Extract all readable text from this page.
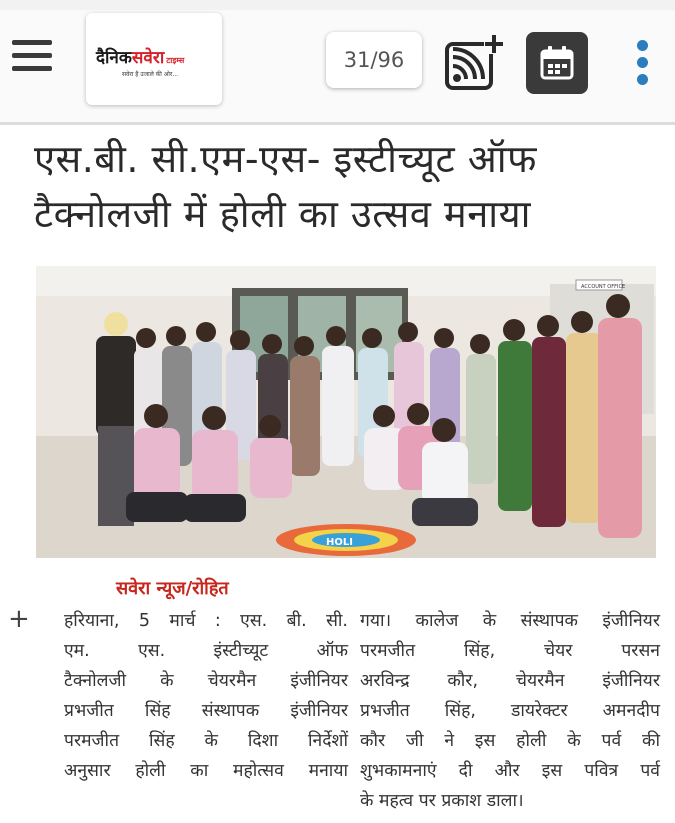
दैनिकसवेरा टाइम्स
सवेरा है उजाले की ओर...
31/96
एस.बी. सी.एम-एस- इस्टीच्यूट ऑफ
टैक्नोलजी में होली का उत्सव मनाया
ACCOUNT OFFICE
HOLI
सवेरा न्यूज/रोहित
+ हरियाना, 5 मार्च : एस. बी. सी.
एम. एस. इंस्टीच्यूट ऑफ
टैक्नोलजी के चेयरमैन इंजीनियर
प्रभजीत सिंह संस्थापक इंजीनियर
परमजीत सिंह के दिशा निर्देशों
अनुसार होली का महोत्सव मनाया
गया। कालेज के संस्थापक इंजीनियर
परमजीत सिंह, चेयर परसन
अरविन्द्र कौर, चेयरमैन इंजीनियर
प्रभजीत सिंह, डायरेक्टर अमनदीप
कौर जी ने इस होली के पर्व की
शुभकामनाएं दी और इस पवित्र पर्व
के महत्व पर प्रकाश डाला।
